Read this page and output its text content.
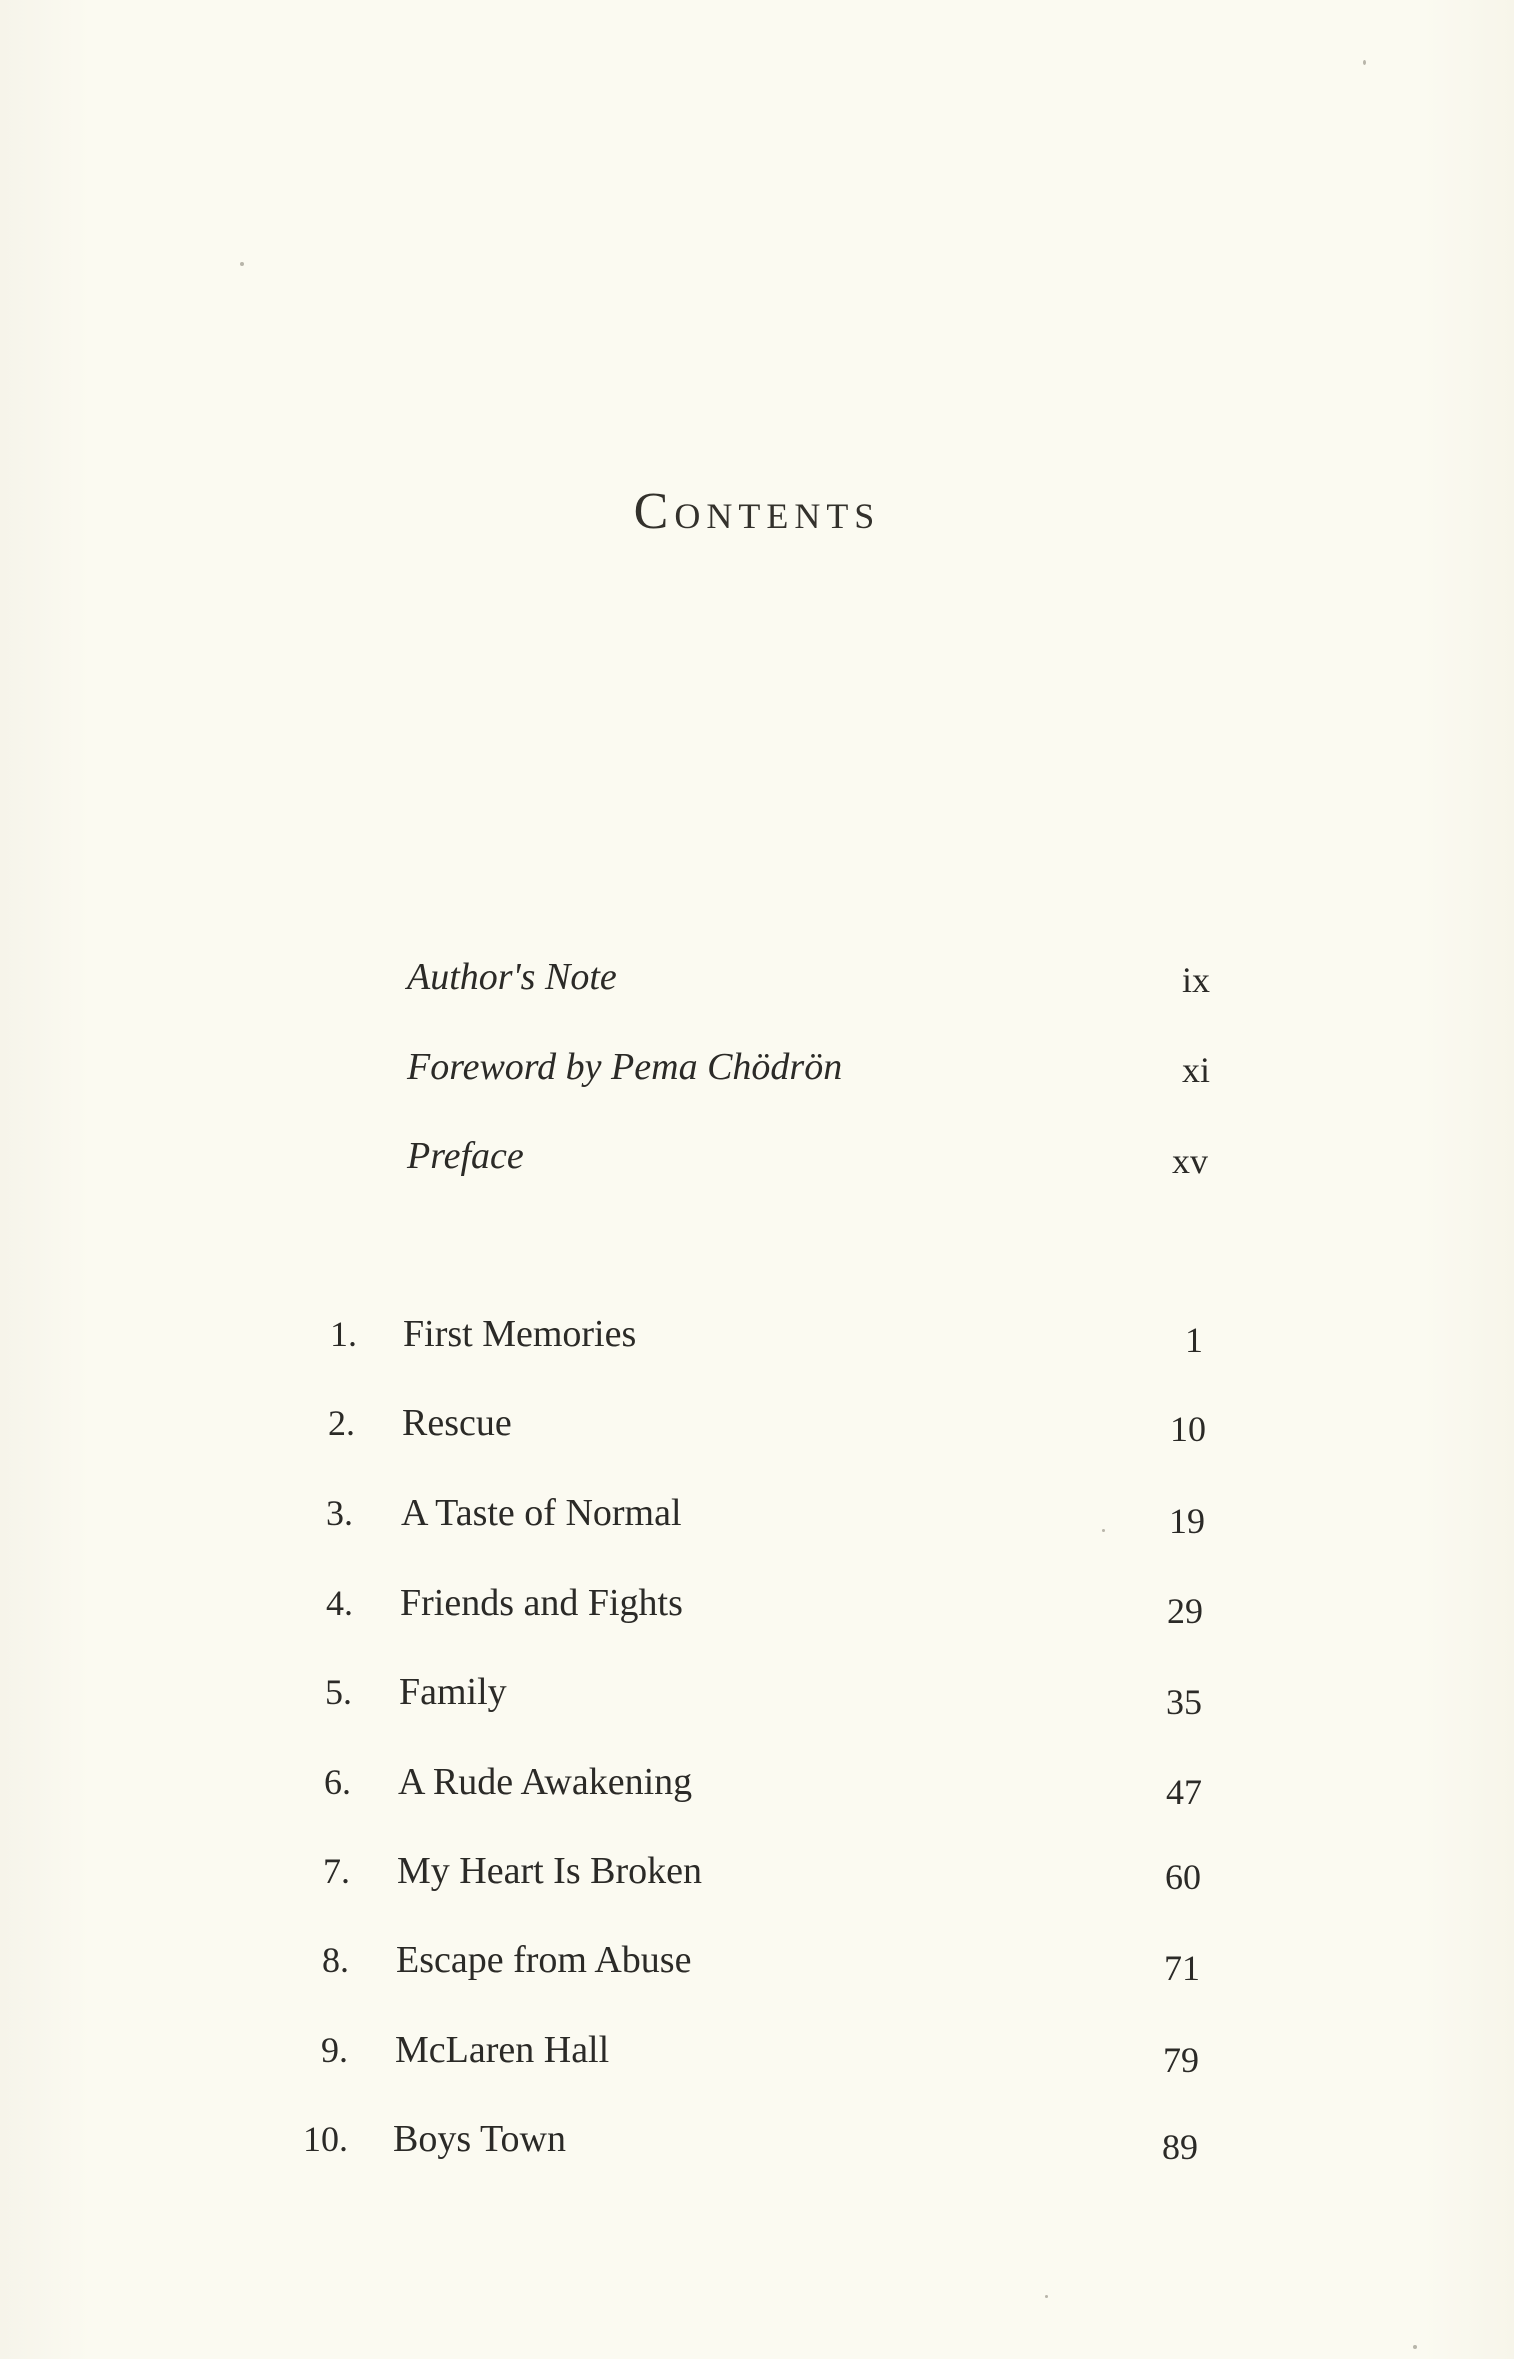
Contents
Author's Note	ix
Foreword by Pema Chödrön	xi
Preface	xv
1. First Memories	1
2. Rescue	10
3. A Taste of Normal	19
4. Friends and Fights	29
5. Family	35
6. A Rude Awakening	47
7. My Heart Is Broken	60
8. Escape from Abuse	71
9. McLaren Hall	79
10. Boys Town	89
